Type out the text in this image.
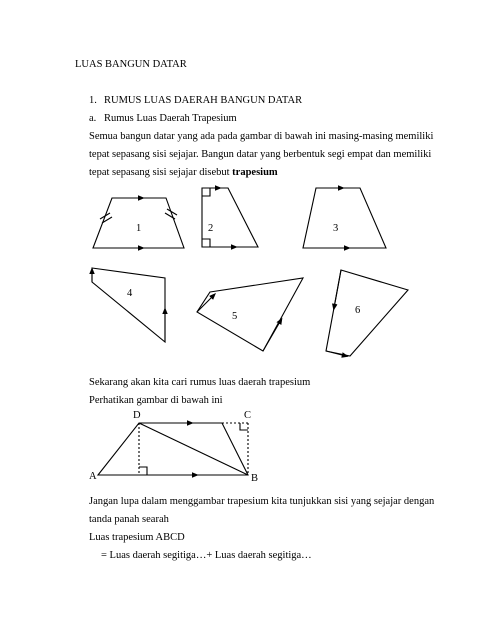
LUAS BANGUN DATAR
1. RUMUS LUAS DAERAH BANGUN DATAR
a. Rumus Luas Daerah Trapesium
Semua bangun datar yang ada pada gambar di bawah ini masing-masing memiliki
tepat sepasang sisi sejajar. Bangun datar yang berbentuk segi empat dan memiliki
tepat sepasang sisi sejajar disebut trapesium
1	2	3
4
5
6
D	C
A	B
Sekarang akan kita cari rumus luas daerah trapesium
Perhatikan gambar di bawah ini
Jangan lupa dalam menggambar trapesium kita tunjukkan sisi yang sejajar dengan
tanda panah searah
Luas trapesium ABCD
= Luas daerah segitiga…+ Luas daerah segitiga…
